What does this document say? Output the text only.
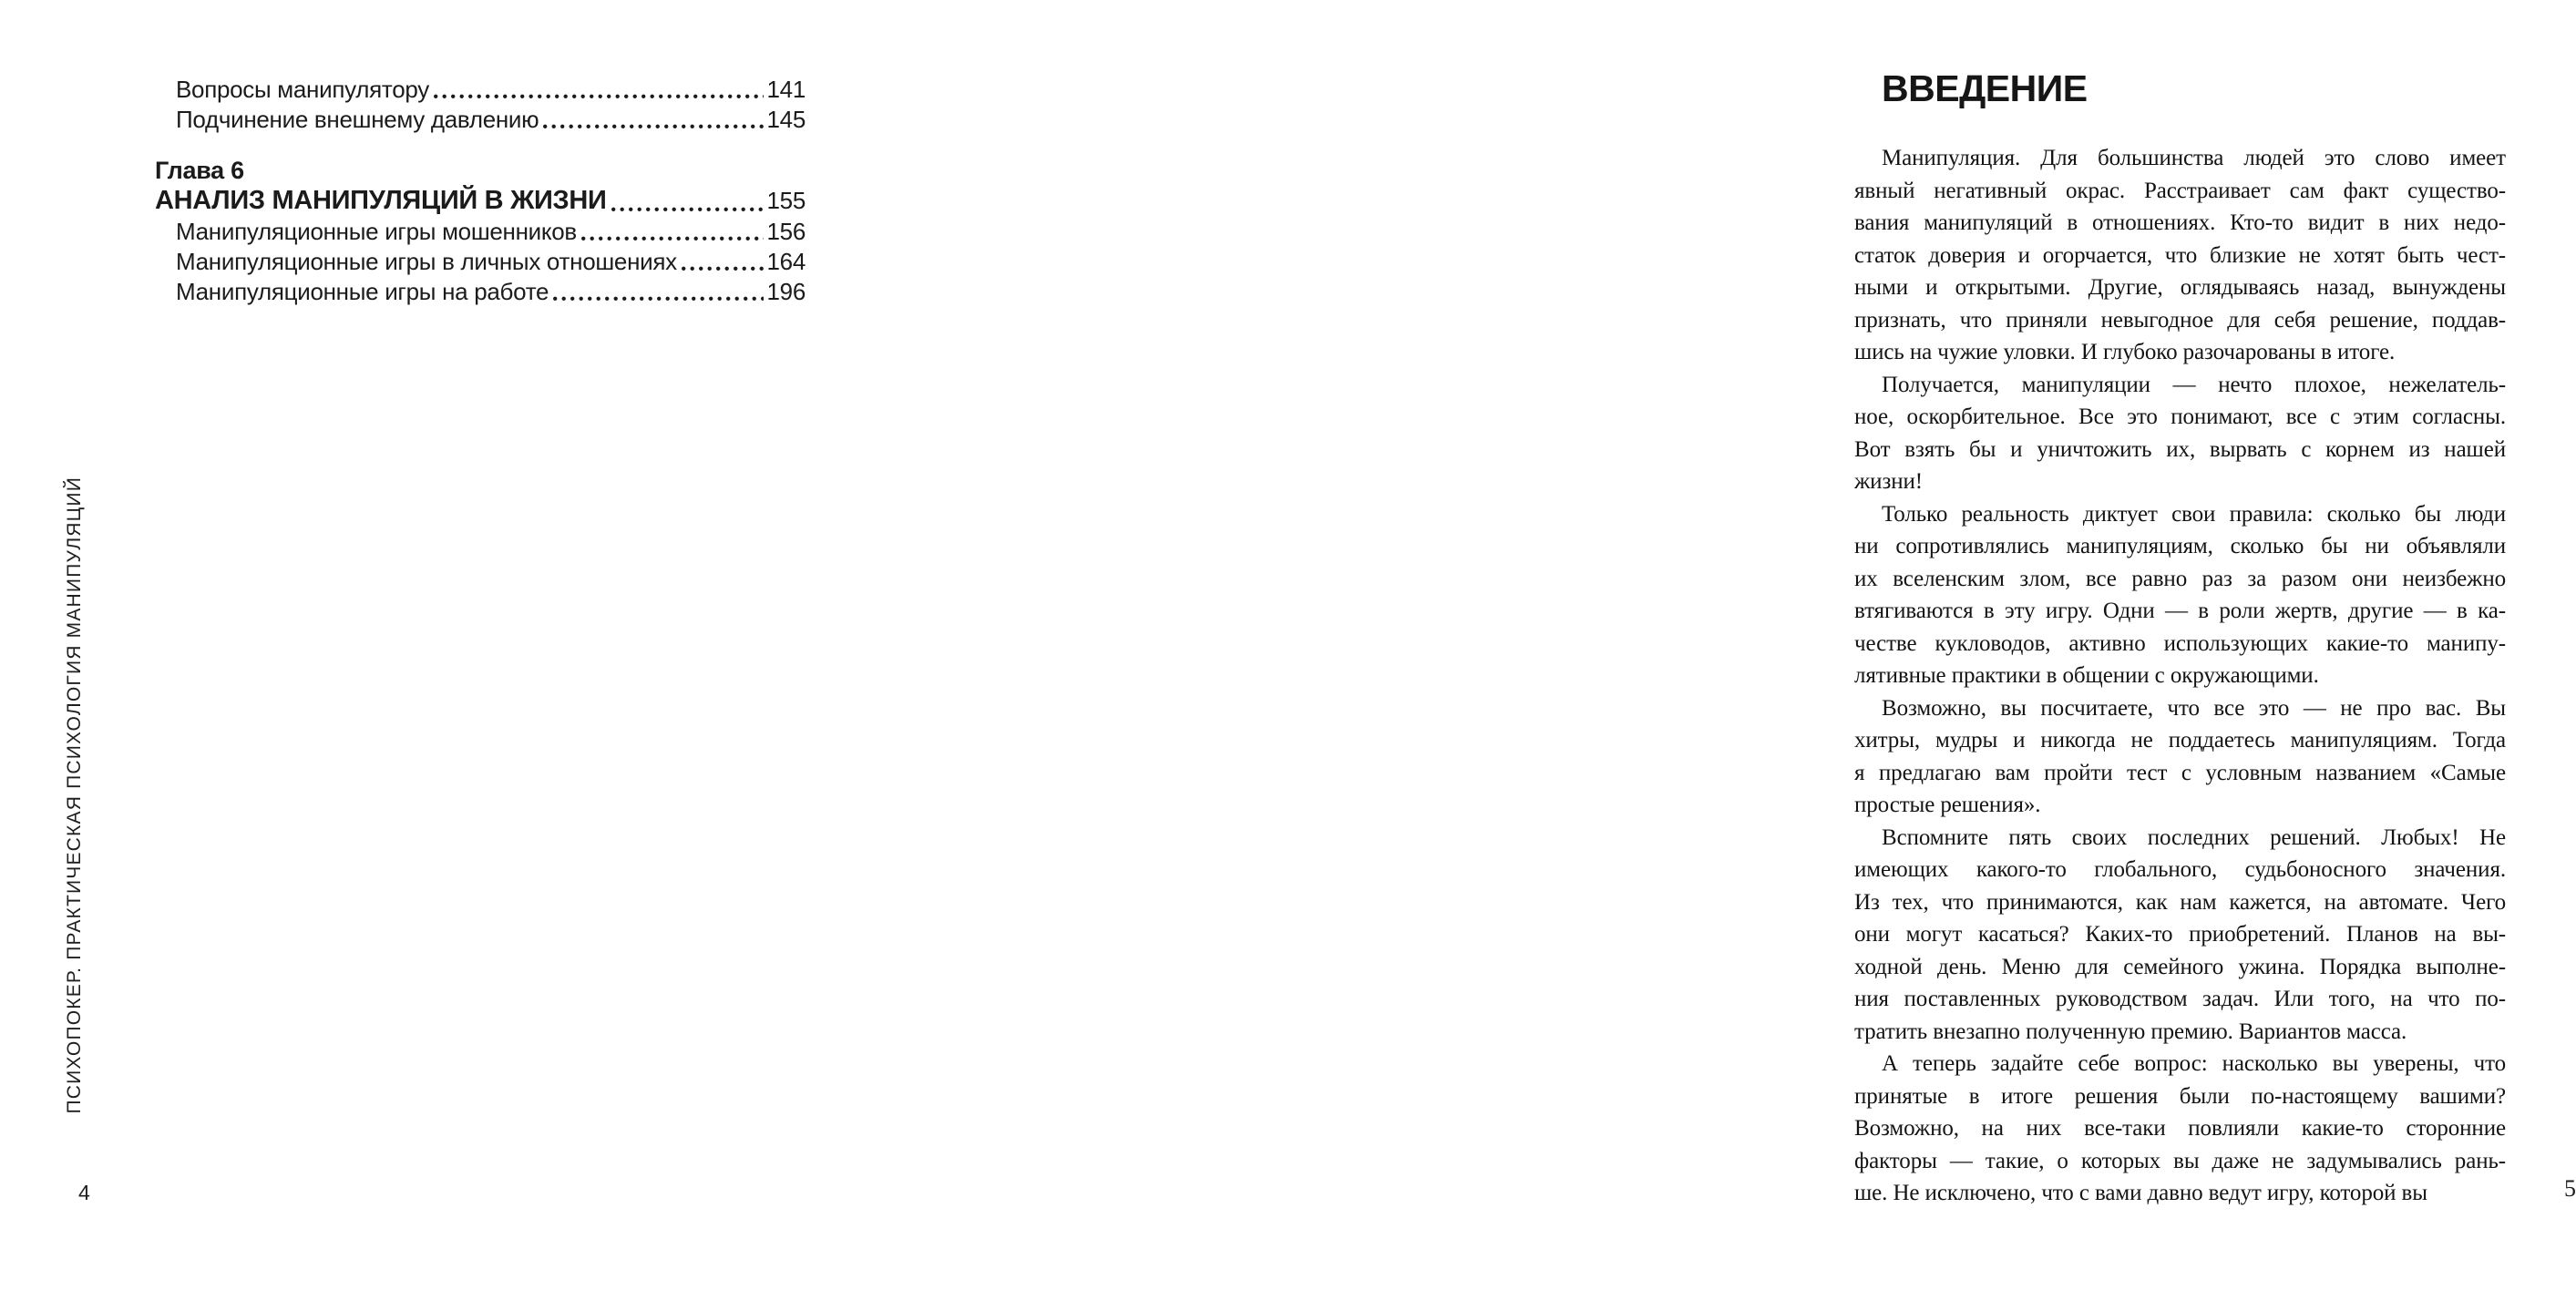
ПСИХОПОКЕР. ПРАКТИЧЕСКАЯ ПСИХОЛОГИЯ МАНИПУЛЯЦИЙ
Вопросы манипулятору	141
Подчинение внешнему давлению	145
Глава 6
АНАЛИЗ МАНИПУЛЯЦИЙ В ЖИЗНИ	155
Манипуляционные игры мошенников	156
Манипуляционные игры в личных отношениях	164
Манипуляционные игры на работе	196
4
ВВЕДЕНИЕ
Манипуляция. Для большинства людей это слово имеет
явный негативный окрас. Расстраивает сам факт существо-
вания манипуляций в отношениях. Кто-то видит в них недо-
статок доверия и огорчается, что близкие не хотят быть чест-
ными и открытыми. Другие, оглядываясь назад, вынуждены
признать, что приняли невыгодное для себя решение, поддав-
шись на чужие уловки. И глубоко разочарованы в итоге.
Получается, манипуляции — нечто плохое, нежелатель-
ное, оскорбительное. Все это понимают, все с этим согласны.
Вот взять бы и уничтожить их, вырвать с корнем из нашей
жизни!
Только реальность диктует свои правила: сколько бы люди
ни сопротивлялись манипуляциям, сколько бы ни объявляли
их вселенским злом, все равно раз за разом они неизбежно
втягиваются в эту игру. Одни — в роли жертв, другие — в ка-
честве кукловодов, активно использующих какие-то манипу-
лятивные практики в общении с окружающими.
Возможно, вы посчитаете, что все это — не про вас. Вы
хитры, мудры и никогда не поддаетесь манипуляциям. Тогда
я предлагаю вам пройти тест с условным названием «Самые
простые решения».
Вспомните пять своих последних решений. Любых! Не
имеющих какого-то глобального, судьбоносного значения.
Из тех, что принимаются, как нам кажется, на автомате. Чего
они могут касаться? Каких-то приобретений. Планов на вы-
ходной день. Меню для семейного ужина. Порядка выполне-
ния поставленных руководством задач. Или того, на что по-
тратить внезапно полученную премию. Вариантов масса.
А теперь задайте себе вопрос: насколько вы уверены, что
принятые в итоге решения были по-настоящему вашими?
Возможно, на них все-таки повлияли какие-то сторонние
факторы — такие, о которых вы даже не задумывались рань-
ше. Не исключено, что с вами давно ведут игру, которой вы	5
